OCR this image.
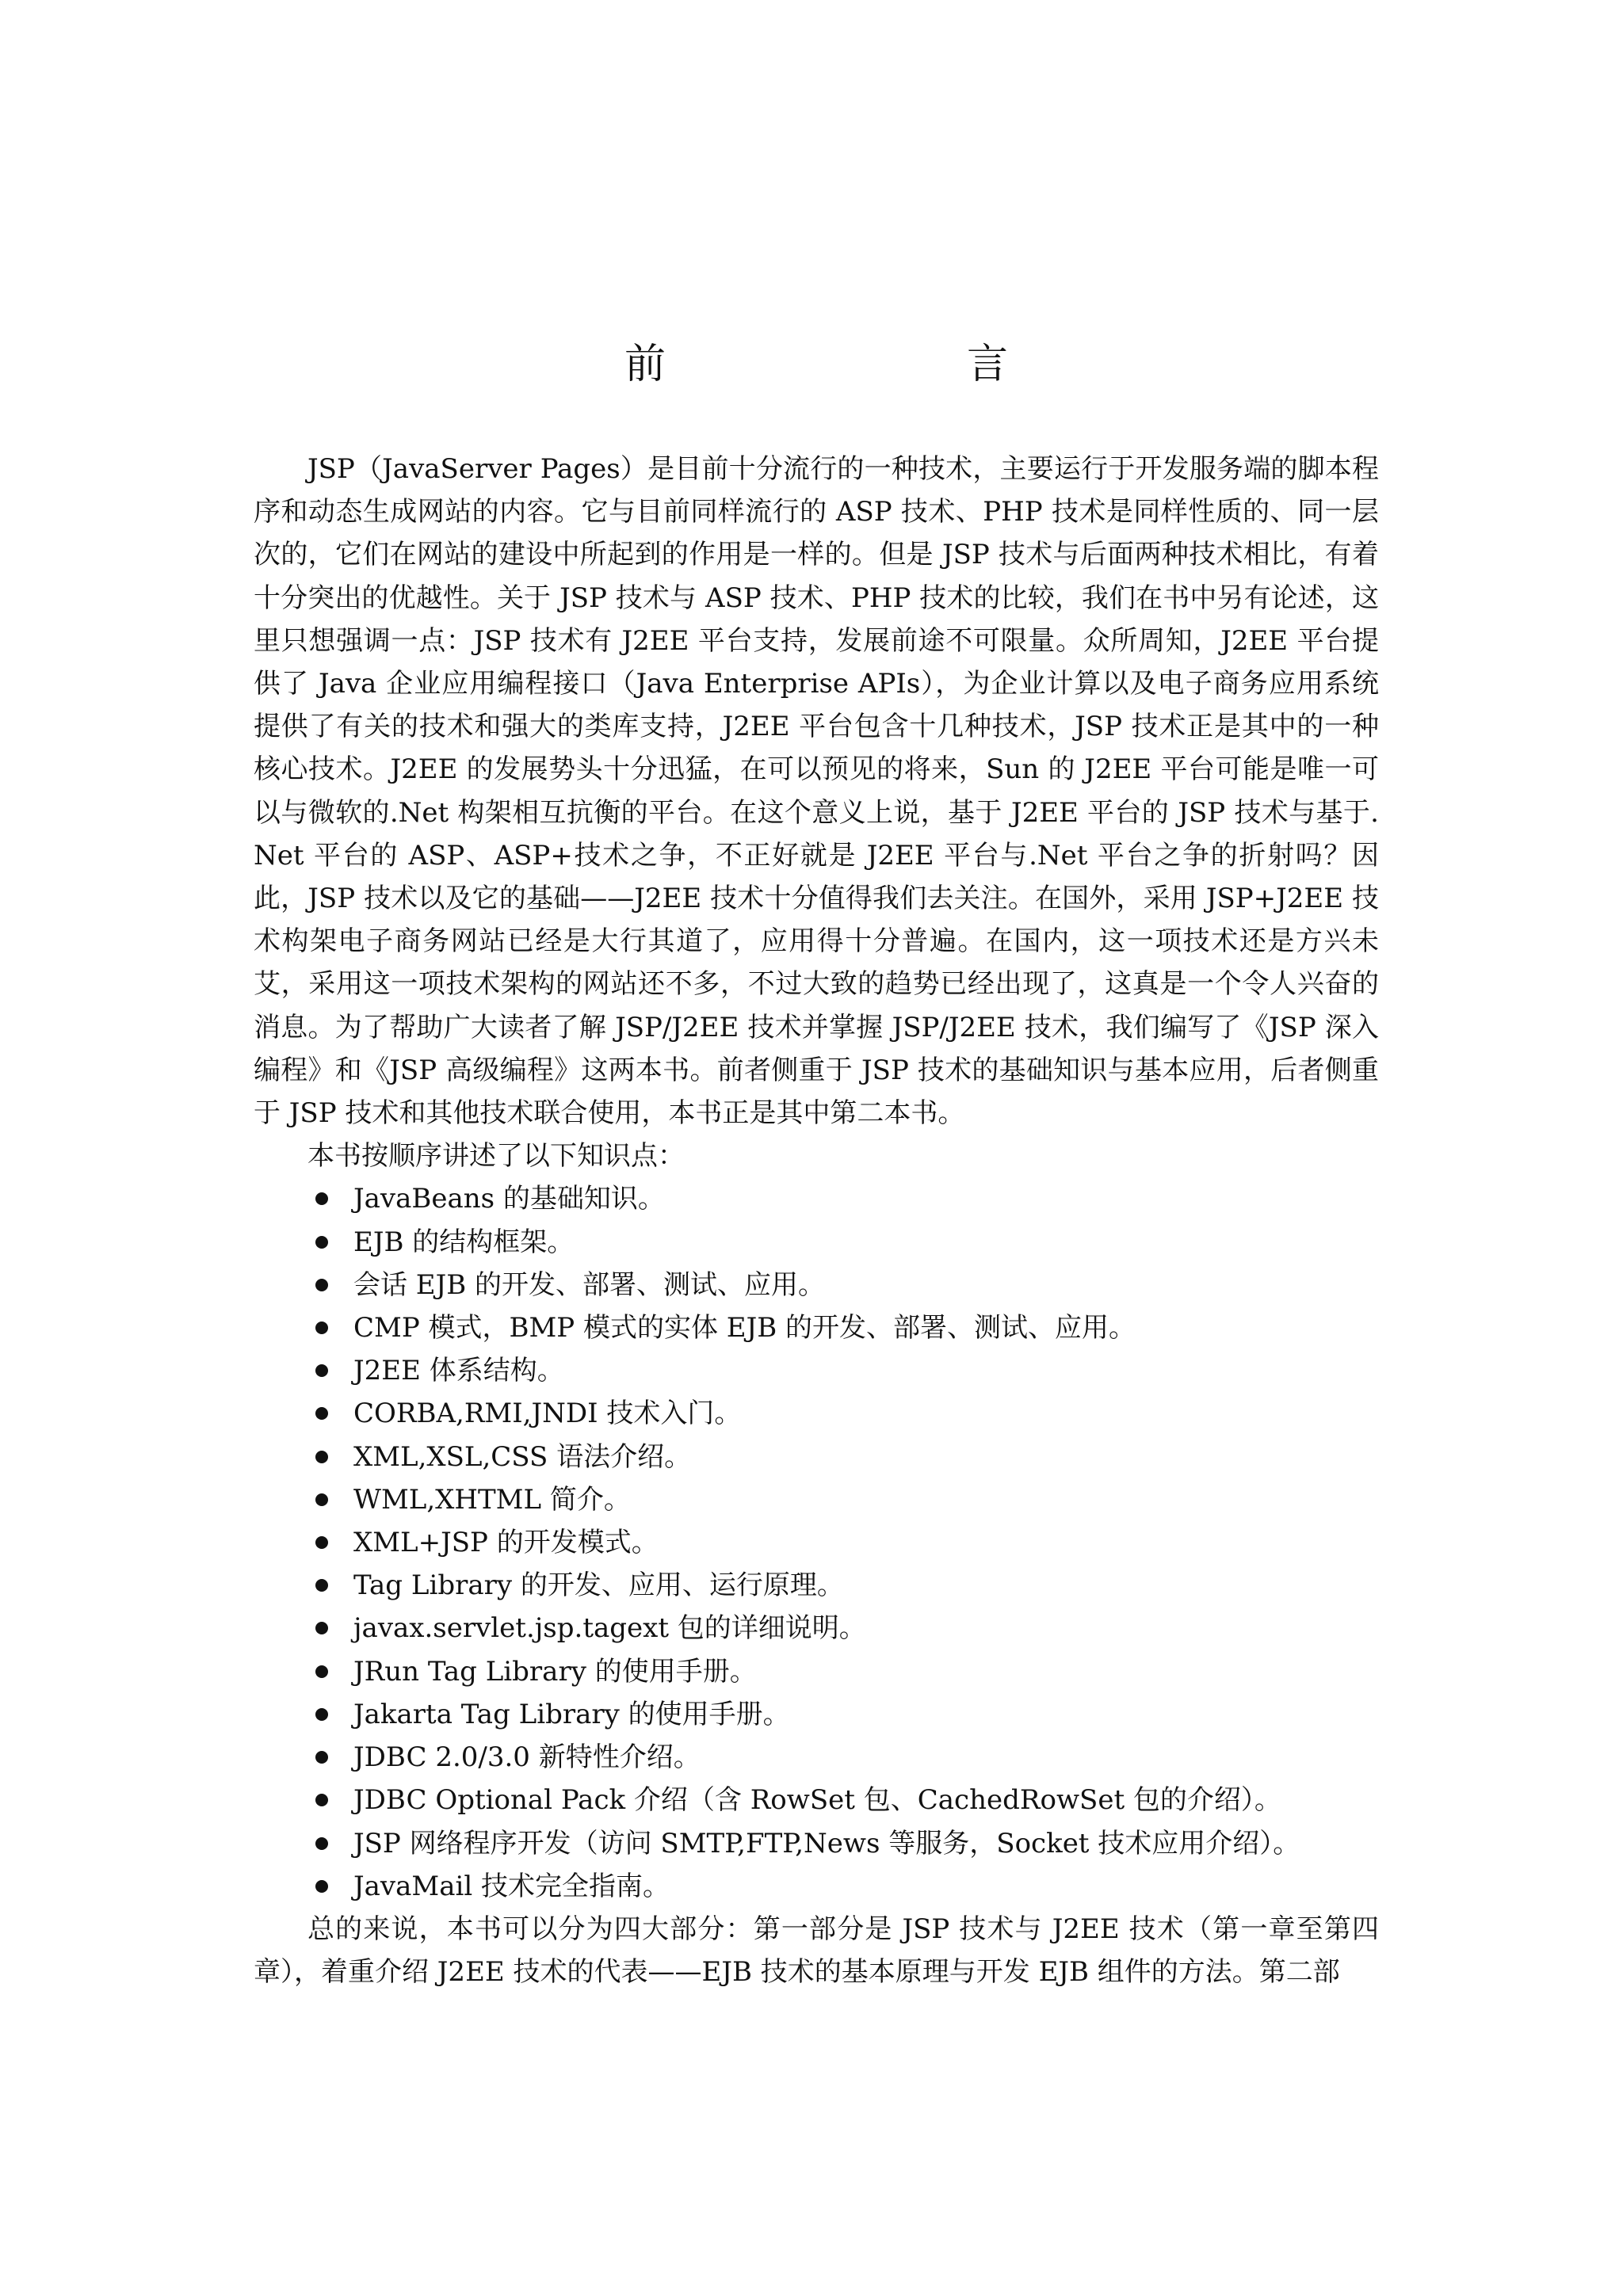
前　　言

JSP（JavaServer Pages）是目前十分流行的一种技术，主要运行于开发服务端的脚本程序和动态生成网站的内容。它与目前同样流行的 ASP 技术、PHP 技术是同样性质的、同一层次的，它们在网站的建设中所起到的作用是一样的。但是 JSP 技术与后面两种技术相比，有着十分突出的优越性。关于 JSP 技术与 ASP 技术、PHP 技术的比较，我们在书中另有论述，这里只想强调一点：JSP 技术有 J2EE 平台支持，发展前途不可限量。众所周知，J2EE 平台提供了 Java 企业应用编程接口（Java Enterprise APIs），为企业计算以及电子商务应用系统提供了有关的技术和强大的类库支持，J2EE 平台包含十几种技术，JSP 技术正是其中的一种核心技术。J2EE 的发展势头十分迅猛，在可以预见的将来，Sun 的 J2EE 平台可能是唯一可以与微软的.Net 构架相互抗衡的平台。在这个意义上说，基于 J2EE 平台的 JSP 技术与基于.Net 平台的 ASP、ASP+技术之争，不正好就是 J2EE 平台与.Net 平台之争的折射吗？因此，JSP 技术以及它的基础——J2EE 技术十分值得我们去关注。在国外，采用 JSP+J2EE 技术构架电子商务网站已经是大行其道了，应用得十分普遍。在国内，这一项技术还是方兴未艾，采用这一项技术架构的网站还不多，不过大致的趋势已经出现了，这真是一个令人兴奋的消息。为了帮助广大读者了解 JSP/J2EE 技术并掌握 JSP/J2EE 技术，我们编写了《JSP 深入编程》和《JSP 高级编程》这两本书。前者侧重于 JSP 技术的基础知识与基本应用，后者侧重于 JSP 技术和其他技术联合使用，本书正是其中第二本书。

本书按顺序讲述了以下知识点：

JavaBeans 的基础知识。
EJB 的结构框架。
会话 EJB 的开发、部署、测试、应用。
CMP 模式，BMP 模式的实体 EJB 的开发、部署、测试、应用。
J2EE 体系结构。
CORBA,RMI,JNDI 技术入门。
XML,XSL,CSS 语法介绍。
WML,XHTML 简介。
XML+JSP 的开发模式。
Tag Library 的开发、应用、运行原理。
javax.servlet.jsp.tagext 包的详细说明。
JRun Tag Library 的使用手册。
Jakarta Tag Library 的使用手册。
JDBC 2.0/3.0 新特性介绍。
JDBC Optional Pack 介绍（含 RowSet 包、CachedRowSet 包的介绍）。
JSP 网络程序开发（访问 SMTP,FTP,News 等服务，Socket 技术应用介绍）。
JavaMail 技术完全指南。

总的来说，本书可以分为四大部分：第一部分是 JSP 技术与 J2EE 技术（第一章至第四章），着重介绍 J2EE 技术的代表——EJB 技术的基本原理与开发 EJB 组件的方法。第二部
